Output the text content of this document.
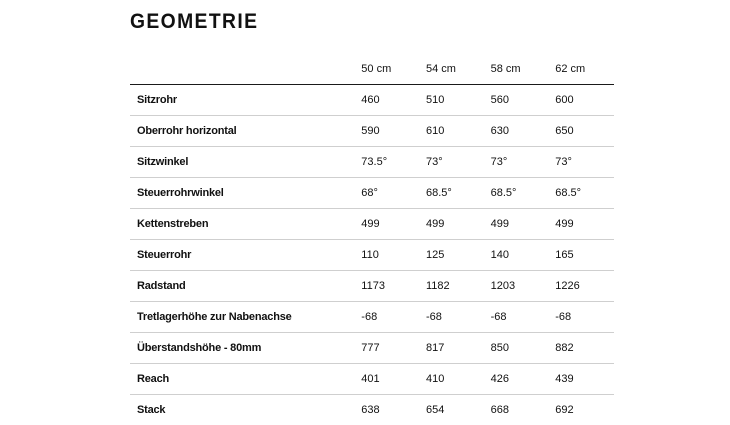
GEOMETRIE
	50 cm	54 cm	58 cm	62 cm
Sitzrohr	460	510	560	600
Oberrohr horizontal	590	610	630	650
Sitzwinkel	73.5°	73°	73°	73°
Steuerrohrwinkel	68°	68.5°	68.5°	68.5°
Kettenstreben	499	499	499	499
Steuerrohr	110	125	140	165
Radstand	1173	1182	1203	1226
Tretlagerhöhe zur Nabenachse	-68	-68	-68	-68
Überstandshöhe - 80mm	777	817	850	882
Reach	401	410	426	439
Stack	638	654	668	692
